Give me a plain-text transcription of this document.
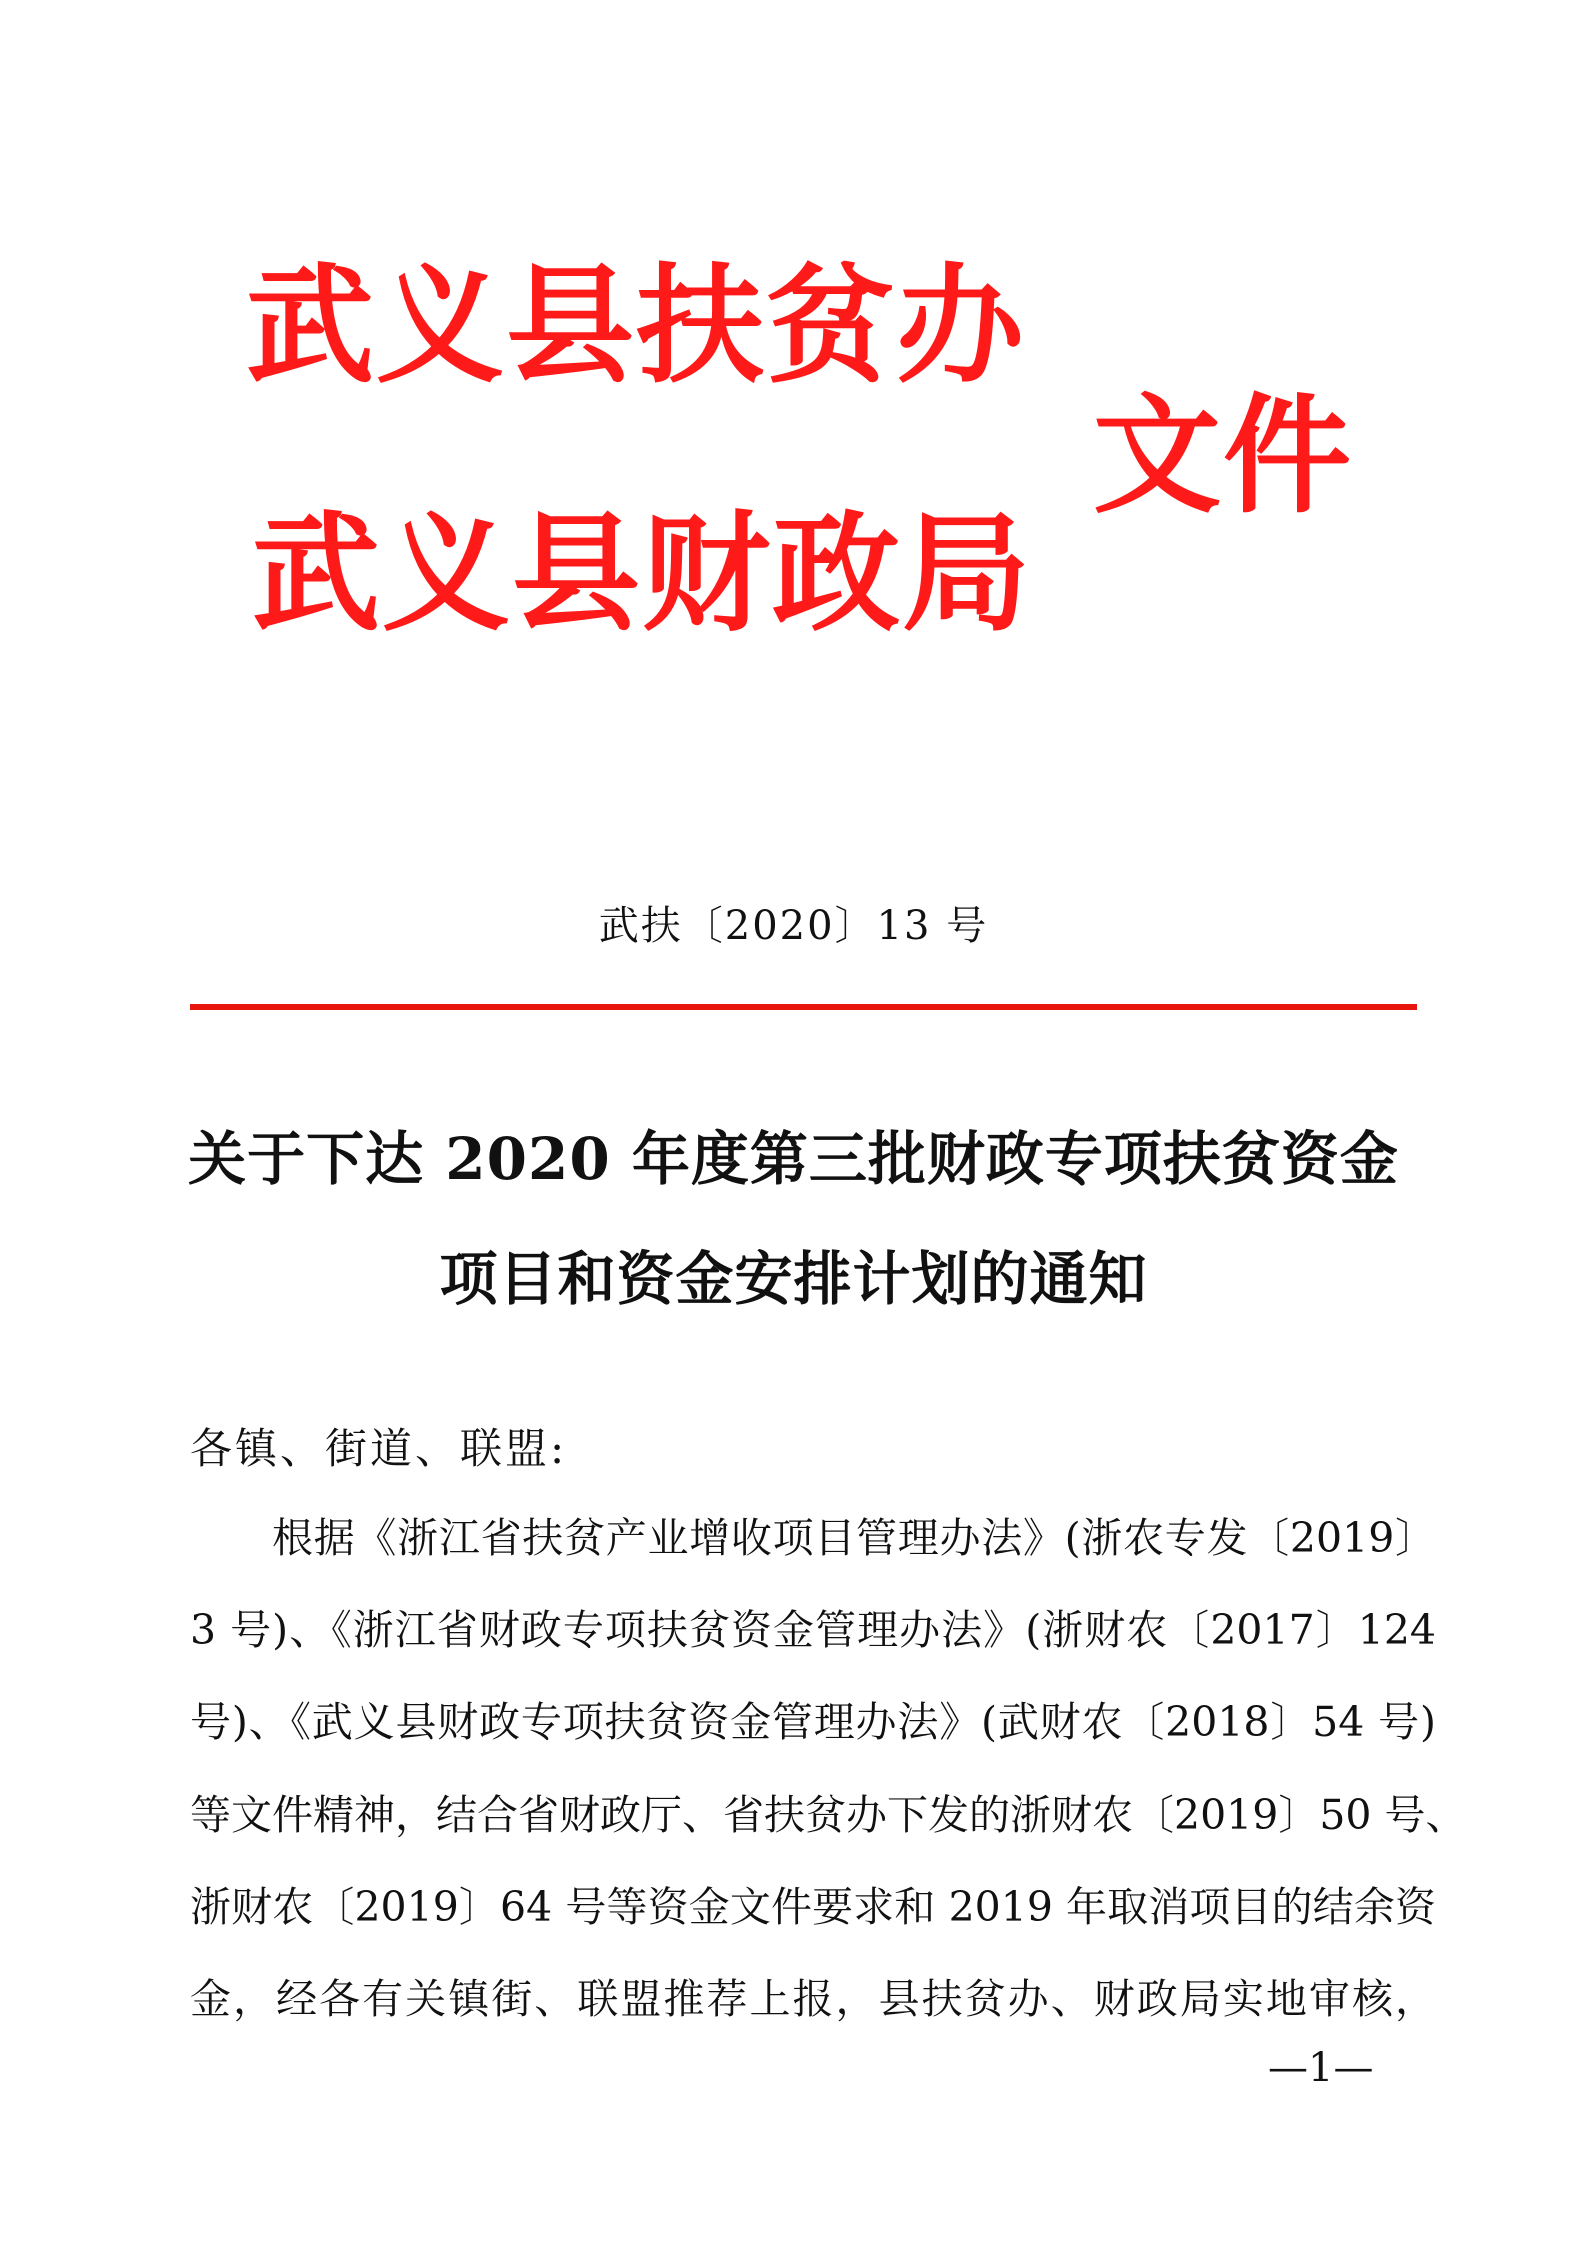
武义县扶贫办
武义县财政局
文件
武扶〔2020〕13 号
关于下达 2020 年度第三批财政专项扶贫资金
项目和资金安排计划的通知
各镇、街道、联盟:
根据《浙江省扶贫产业增收项目管理办法》(浙农专发〔2019〕
3 号)、《浙江省财政专项扶贫资金管理办法》(浙财农〔2017〕124
号)、《武义县财政专项扶贫资金管理办法》(武财农〔2018〕54 号)
等文件精神，结合省财政厅、省扶贫办下发的浙财农〔2019〕50 号、
浙财农〔2019〕64 号等资金文件要求和 2019 年取消项目的结余资
金，经各有关镇街、联盟推荐上报，县扶贫办、财政局实地审核，
—1—
